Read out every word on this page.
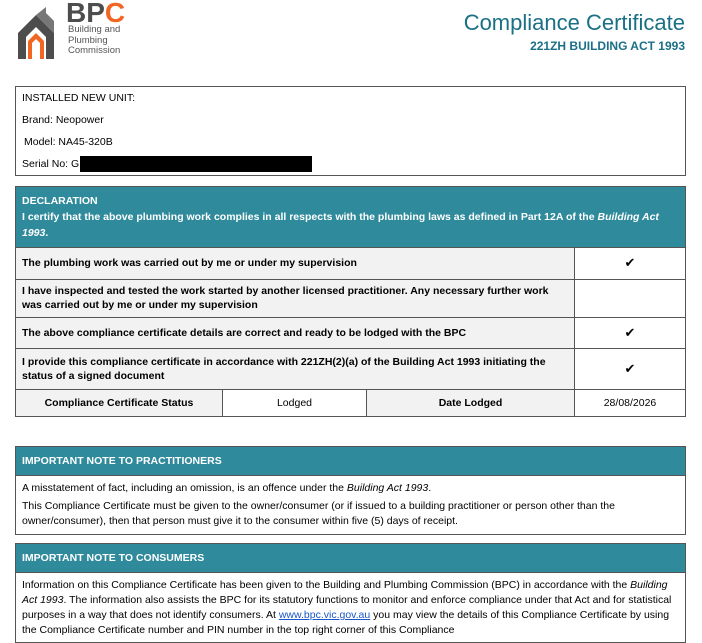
BPC
Building and
Plumbing
Commission
Compliance Certificate
221ZH BUILDING ACT 1993
INSTALLED NEW UNIT:
Brand: Neopower
Model: NA45-320B
Serial No: G
DECLARATION
I certify that the above plumbing work complies in all respects with the plumbing laws as defined in Part 12A of the Building Act 1993.
The plumbing work was carried out by me or under my supervision	✔
I have inspected and tested the work started by another licensed practitioner. Any necessary further work was carried out by me or under my supervision	
The above compliance certificate details are correct and ready to be lodged with the BPC	✔
I provide this compliance certificate in accordance with 221ZH(2)(a) of the Building Act 1993 initiating the status of a signed document	✔
Compliance Certificate Status	Lodged	Date Lodged	28/08/2026
IMPORTANT NOTE TO PRACTITIONERS

A misstatement of fact, including an omission, is an offence under the Building Act 1993.

This Compliance Certificate must be given to the owner/consumer (or if issued to a building practitioner or person other than the owner/consumer), then that person must give it to the consumer within five (5) days of receipt.

IMPORTANT NOTE TO CONSUMERS
Information on this Compliance Certificate has been given to the Building and Plumbing Commission (BPC) in accordance with the Building Act 1993. The information also assists the BPC for its statutory functions to monitor and enforce compliance under that Act and for statistical purposes in a way that does not identify consumers. At www.bpc.vic.gov.au you may view the details of this Compliance Certificate by using the Compliance Certificate number and PIN number in the top right corner of this Compliance
